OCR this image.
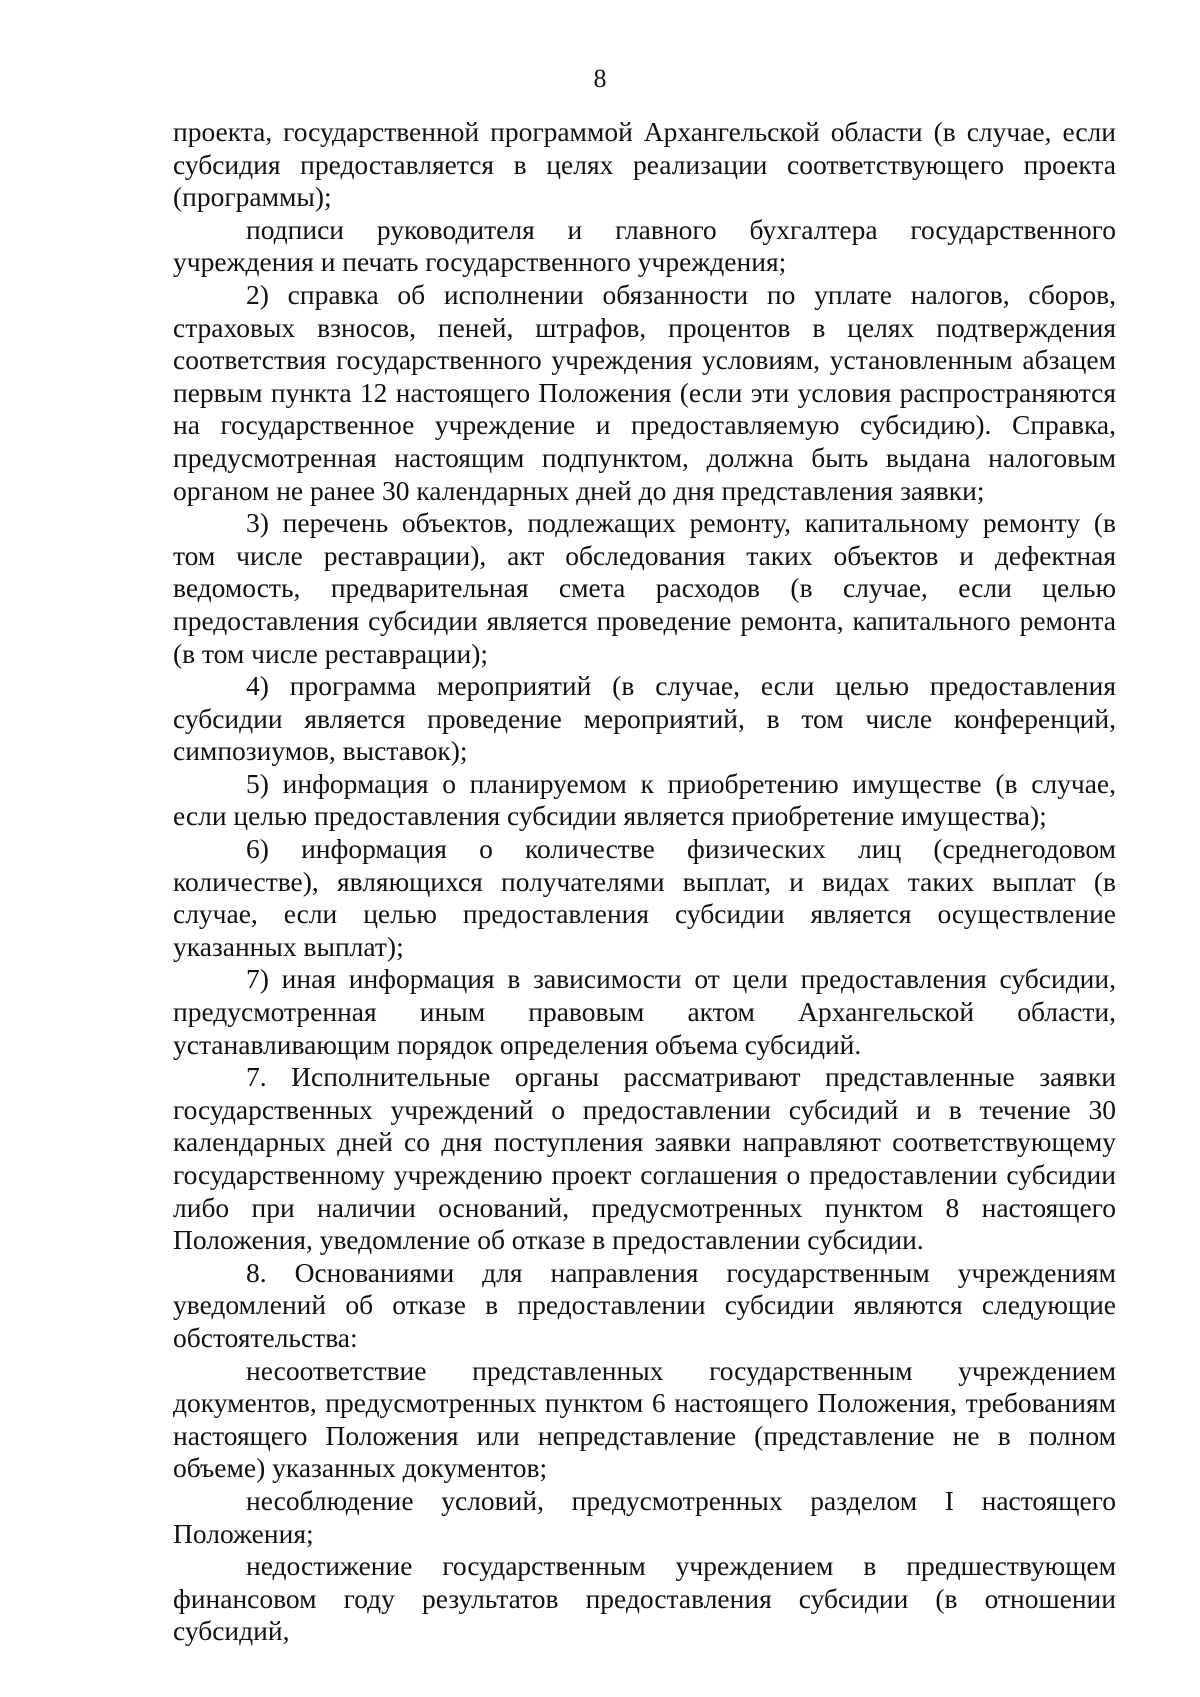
8

проекта, государственной программой Архангельской области (в случае, если субсидия предоставляется в целях реализации соответствующего проекта (программы);

подписи руководителя и главного бухгалтера государственного учреждения и печать государственного учреждения;

2) справка об исполнении обязанности по уплате налогов, сборов, страховых взносов, пеней, штрафов, процентов в целях подтверждения соответствия государственного учреждения условиям, установленным абзацем первым пункта 12 настоящего Положения (если эти условия распространяются на государственное учреждение и предоставляемую субсидию). Справка, предусмотренная настоящим подпунктом, должна быть выдана налоговым органом не ранее 30 календарных дней до дня представления заявки;

3) перечень объектов, подлежащих ремонту, капитальному ремонту (в том числе реставрации), акт обследования таких объектов и дефектная ведомость, предварительная смета расходов (в случае, если целью предоставления субсидии является проведение ремонта, капитального ремонта (в том числе реставрации);

4) программа мероприятий (в случае, если целью предоставления субсидии является проведение мероприятий, в том числе конференций, симпозиумов, выставок);

5) информация о планируемом к приобретению имуществе (в случае, если целью предоставления субсидии является приобретение имущества);

6) информация о количестве физических лиц (среднегодовом количестве), являющихся получателями выплат, и видах таких выплат (в случае, если целью предоставления субсидии является осуществление указанных выплат);

7) иная информация в зависимости от цели предоставления субсидии, предусмотренная иным правовым актом Архангельской области, устанавливающим порядок определения объема субсидий.

7. Исполнительные органы рассматривают представленные заявки государственных учреждений о предоставлении субсидий и в течение 30 календарных дней со дня поступления заявки направляют соответствующему государственному учреждению проект соглашения о предоставлении субсидии либо при наличии оснований, предусмотренных пунктом 8 настоящего Положения, уведомление об отказе в предоставлении субсидии.

8. Основаниями для направления государственным учреждениям уведомлений об отказе в предоставлении субсидии являются следующие обстоятельства:

несоответствие представленных государственным учреждением документов, предусмотренных пунктом 6 настоящего Положения, требованиям настоящего Положения или непредставление (представление не в полном объеме) указанных документов;

несоблюдение условий, предусмотренных разделом I настоящего Положения;

недостижение государственным учреждением в предшествующем финансовом году результатов предоставления субсидии (в отношении субсидий,
